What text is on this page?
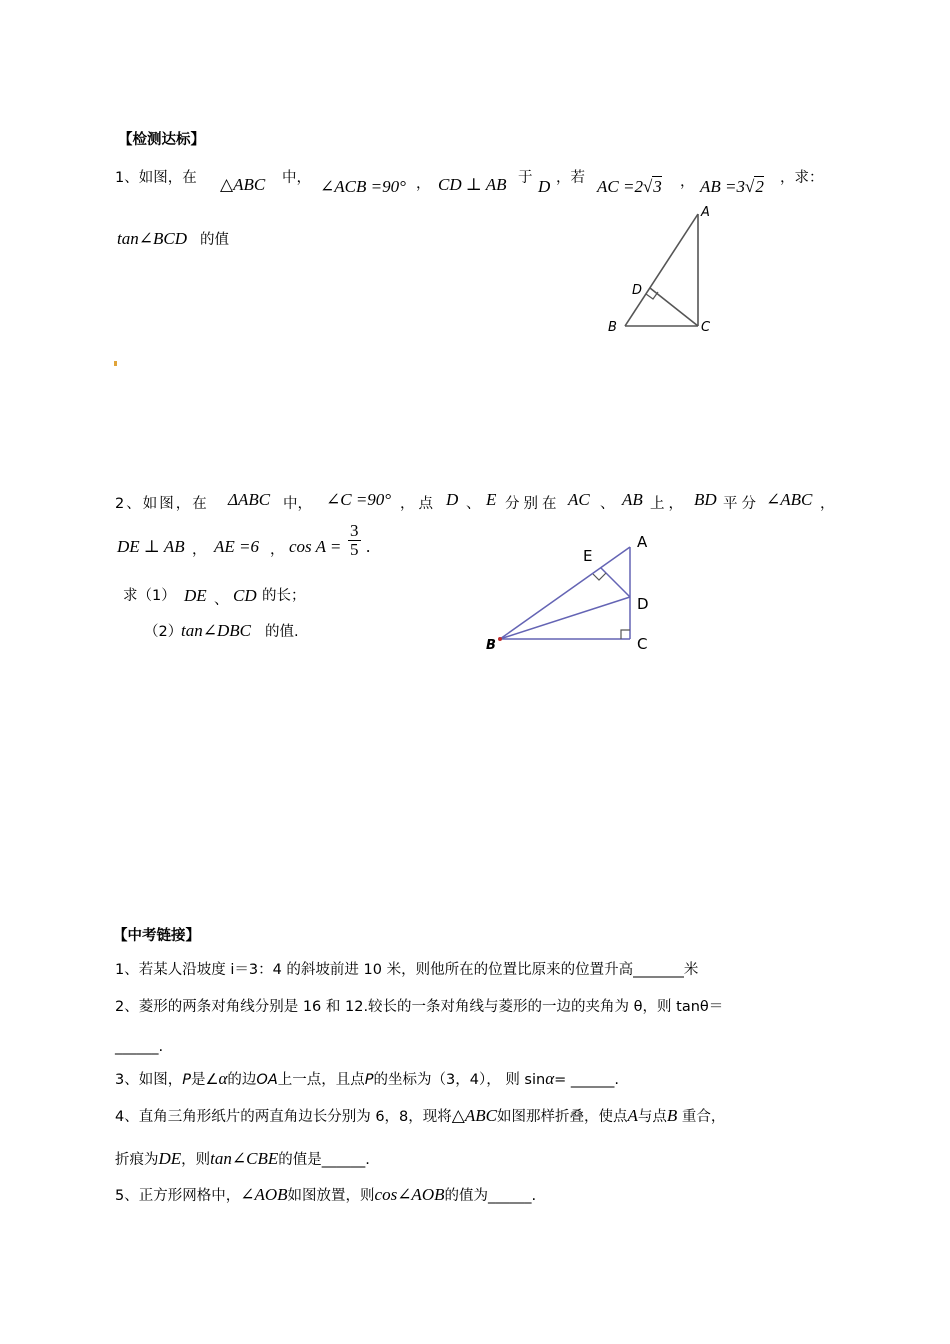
【检测达标】
1、如图，在 △ABC 中， ∠ACB =90° ， CD ⊥ AB 于 D ，若 AC =2√3 ， AB =3√2 ，求：
tan∠BCD 的值
A
B	C
D
2、如图，在 ΔABC 中， ∠C =90° ，点 D 、 E 分别在 AC 、 AB 上， BD 平分 ∠ABC ，
DE ⊥ AB ， AE =6 ， $\cos A = \frac{3}{5}$ .
求（1） DE 、 CD 的长；
（2）
tan∠DBC 的值.
A
B	C
D
E
【中考链接】
1、若某人沿坡度 i＝3：4 的斜坡前进 10 米，则他所在的位置比原来的位置升高_______米
2、菱形的两条对角线分别是 16 和 12.较长的一条对角线与菱形的一边的夹角为 θ，则 tanθ＝
______.
3、如图，P是∠α的边OA上一点，且点P的坐标为（3，4）， 则 sinα= ______.
4、直角三角形纸片的两直角边长分别为 6，8，现将△ABC如图那样折叠，使点A与点B 重合，
折痕为DE，则tan∠CBE的值是______.
5、正方形网格中，∠AOB如图放置，则cos∠AOB的值为______.
